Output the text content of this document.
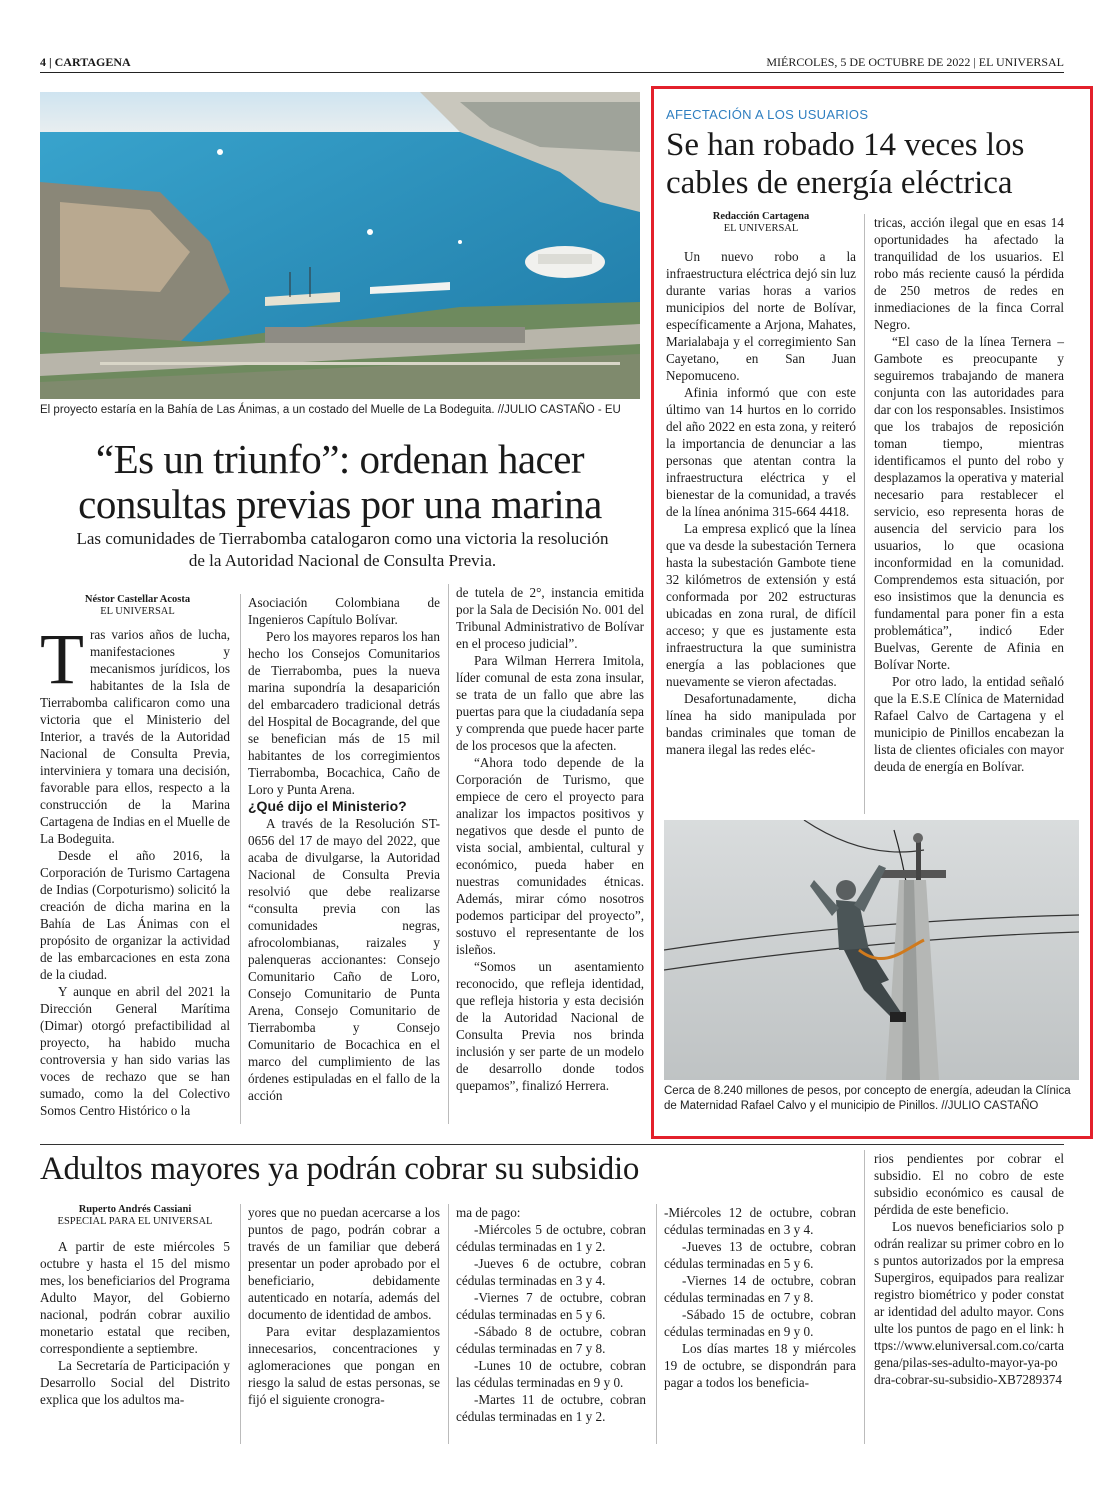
4 | CARTAGENA	MIÉRCOLES, 5 DE OCTUBRE DE 2022 | EL UNIVERSAL
El proyecto estaría en la Bahía de Las Ánimas, a un costado del Muelle de La Bodeguita. //JULIO CASTAÑO - EU
“Es un triunfo”: ordenan hacer consultas previas por una marina
Las comunidades de Tierrabomba catalogaron como una victoria la resolución de la Autoridad Nacional de Consulta Previa.
Néstor Castellar Acosta
EL UNIVERSAL

Tras varios años de lucha, manifestaciones y mecanismos jurídicos, los habitantes de la Isla de Tierrabomba calificaron como una victoria que el Ministerio del Interior, a través de la Autoridad Nacional de Consulta Previa, interviniera y tomara una decisión, favorable para ellos, respecto a la construcción de la Marina Cartagena de Indias en el Muelle de La Bodeguita.

Desde el año 2016, la Corporación de Turismo Cartagena de Indias (Corpoturismo) solicitó la creación de dicha marina en la Bahía de Las Ánimas con el propósito de organizar la actividad de las embarcaciones en esta zona de la ciudad.

Y aunque en abril del 2021 la Dirección General Marítima (Dimar) otorgó prefactibilidad al proyecto, ha habido mucha controversia y han sido varias las voces de rechazo que se han sumado, como la del Colectivo Somos Centro Histórico o la

Asociación Colombiana de Ingenieros Capítulo Bolívar.

Pero los mayores reparos los han hecho los Consejos Comunitarios de Tierrabomba, pues la nueva marina supondría la desaparición del embarcadero tradicional detrás del Hospital de Bocagrande, del que se benefician más de 15 mil habitantes de los corregimientos Tierrabomba, Bocachica, Caño de Loro y Punta Arena.

¿Qué dijo el Ministerio?

A través de la Resolución ST-0656 del 17 de mayo del 2022, que acaba de divulgarse, la Autoridad Nacional de Consulta Previa resolvió que debe realizarse “consulta previa con las comunidades negras, afrocolombianas, raizales y palenqueras accionantes: Consejo Comunitario Caño de Loro, Consejo Comunitario de Punta Arena, Consejo Comunitario de Tierrabomba y Consejo Comunitario de Bocachica en el marco del cumplimiento de las órdenes estipuladas en el fallo de la acción

de tutela de 2°, instancia emitida por la Sala de Decisión No. 001 del Tribunal Administrativo de Bolívar en el proceso judicial”.

Para Wilman Herrera Imitola, líder comunal de esta zona insular, se trata de un fallo que abre las puertas para que la ciudadanía sepa y comprenda que puede hacer parte de los procesos que la afecten.

“Ahora todo depende de la Corporación de Turismo, que empiece de cero el proyecto para analizar los impactos positivos y negativos que desde el punto de vista social, ambiental, cultural y económico, pueda haber en nuestras comunidades étnicas. Además, mirar cómo nosotros podemos participar del proyecto”, sostuvo el representante de los isleños.

“Somos un asentamiento reconocido, que refleja identidad, que refleja historia y esta decisión de la Autoridad Nacional de Consulta Previa nos brinda inclusión y ser parte de un modelo de desarrollo donde todos quepamos”, finalizó Herrera.

AFECTACIÓN A LOS USUARIOS
Se han robado 14 veces los cables de energía eléctrica
Redacción Cartagena
EL UNIVERSAL

Un nuevo robo a la infraestructura eléctrica dejó sin luz durante varias horas a varios municipios del norte de Bolívar, específicamente a Arjona, Mahates, Marialabaja y el corregimiento San Cayetano, en San Juan Nepomuceno.

Afinia informó que con este último van 14 hurtos en lo corrido del año 2022 en esta zona, y reiteró la importancia de denunciar a las personas que atentan contra la infraestructura eléctrica y el bienestar de la comunidad, a través de la línea anónima 315-664 4418.

La empresa explicó que la línea que va desde la subestación Ternera hasta la subestación Gambote tiene 32 kilómetros de extensión y está conformada por 202 estructuras ubicadas en zona rural, de difícil acceso; y que es justamente esta infraestructura la que suministra energía a las poblaciones que nuevamente se vieron afectadas.

Desafortunadamente, dicha línea ha sido manipulada por bandas criminales que toman de manera ilegal las redes eléc-

tricas, acción ilegal que en esas 14 oportunidades ha afectado la tranquilidad de los usuarios. El robo más reciente causó la pérdida de 250 metros de redes en inmediaciones de la finca Corral Negro.

“El caso de la línea Ternera – Gambote es preocupante y seguiremos trabajando de manera conjunta con las autoridades para dar con los responsables. Insistimos que los trabajos de reposición toman tiempo, mientras identificamos el punto del robo y desplazamos la operativa y material necesario para restablecer el servicio, eso representa horas de ausencia del servicio para los usuarios, lo que ocasiona inconformidad en la comunidad. Comprendemos esta situación, por eso insistimos que la denuncia es fundamental para poner fin a esta problemática”, indicó Eder Buelvas, Gerente de Afinia en Bolívar Norte.

Por otro lado, la entidad señaló que la E.S.E Clínica de Maternidad Rafael Calvo de Cartagena y el municipio de Pinillos encabezan la lista de clientes oficiales con mayor deuda de energía en Bolívar.

Cerca de 8.240 millones de pesos, por concepto de energía, adeudan la Clínica de Maternidad Rafael Calvo y el municipio de Pinillos. //JULIO CASTAÑO
Adultos mayores ya podrán cobrar su subsidio
Ruperto Andrés Cassiani
ESPECIAL PARA EL UNIVERSAL

A partir de este miércoles 5 octubre y hasta el 15 del mismo mes, los beneficiarios del Programa Adulto Mayor, del Gobierno nacional, podrán cobrar auxilio monetario estatal que reciben, correspondiente a septiembre.

La Secretaría de Participación y Desarrollo Social del Distrito explica que los adultos ma-

yores que no puedan acercarse a los puntos de pago, podrán cobrar a través de un familiar que deberá presentar un poder aprobado por el beneficiario, debidamente autenticado en notaría, además del documento de identidad de ambos.

Para evitar desplazamientos innecesarios, concentraciones y aglomeraciones que pongan en riesgo la salud de estas personas, se fijó el siguiente cronogra-

ma de pago:

-Miércoles 5 de octubre, cobran cédulas terminadas en 1 y 2.

-Jueves 6 de octubre, cobran cédulas terminadas en 3 y 4.

-Viernes 7 de octubre, cobran cédulas terminadas en 5 y 6.

-Sábado 8 de octubre, cobran cédulas terminadas en 7 y 8.

-Lunes 10 de octubre, cobran las cédulas terminadas en 9 y 0.

-Martes 11 de octubre, cobran cédulas terminadas en 1 y 2.

-Miércoles 12 de octubre, cobran cédulas terminadas en 3 y 4.

-Jueves 13 de octubre, cobran cédulas terminadas en 5 y 6.

-Viernes 14 de octubre, cobran cédulas terminadas en 7 y 8.

-Sábado 15 de octubre, cobran cédulas terminadas en 9 y 0.

Los días martes 18 y miércoles 19 de octubre, se dispondrán para pagar a todos los beneficia-

rios pendientes por cobrar el subsidio. El no cobro de este subsidio económico es causal de pérdida de este beneficio.

Los nuevos beneficiarios solo podrán realizar su primer cobro en los puntos autorizados por la empresa Supergiros, equipados para realizar registro biométrico y poder constatar identidad del adulto mayor. Consulte los puntos de pago en el link: https://www.eluniversal.com.co/cartagena/pilas-ses-adulto-mayor-ya-podra-cobrar-su-subsidio-XB7289374
